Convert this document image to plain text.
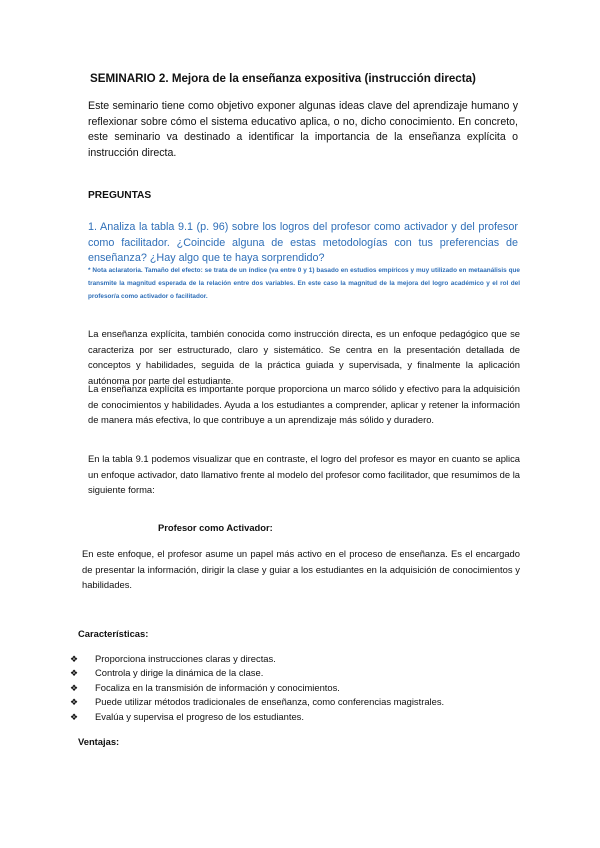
SEMINARIO 2. Mejora de la enseñanza expositiva (instrucción directa)
Este seminario tiene como objetivo exponer algunas ideas clave del aprendizaje humano y reflexionar sobre cómo el sistema educativo aplica, o no, dicho conocimiento. En concreto, este seminario va destinado a identificar la importancia de la enseñanza explícita o instrucción directa.
PREGUNTAS
1. Analiza la tabla 9.1 (p. 96) sobre los logros del profesor como activador y del profesor como facilitador. ¿Coincide alguna de estas metodologías con tus preferencias de enseñanza? ¿Hay algo que te haya sorprendido?
* Nota aclaratoria. Tamaño del efecto: se trata de un índice (va entre 0 y 1) basado en estudios empíricos y muy utilizado en metaanálisis que transmite la magnitud esperada de la relación entre dos variables. En este caso la magnitud de la mejora del logro académico y el rol del profesor/a como activador o facilitador.
La enseñanza explícita, también conocida como instrucción directa, es un enfoque pedagógico que se caracteriza por ser estructurado, claro y sistemático. Se centra en la presentación detallada de conceptos y habilidades, seguida de la práctica guiada y supervisada, y finalmente la aplicación autónoma por parte del estudiante.
La enseñanza explícita es importante porque proporciona un marco sólido y efectivo para la adquisición de conocimientos y habilidades. Ayuda a los estudiantes a comprender, aplicar y retener la información de manera más efectiva, lo que contribuye a un aprendizaje más sólido y duradero.
En la tabla 9.1 podemos visualizar que en contraste, el logro del profesor es mayor en cuanto se aplica un enfoque activador, dato llamativo frente al modelo del profesor como facilitador, que resumimos de la siguiente forma:
Profesor como Activador:
En este enfoque, el profesor asume un papel más activo en el proceso de enseñanza. Es el encargado de presentar la información, dirigir la clase y guiar a los estudiantes en la adquisición de conocimientos y habilidades.
Características:
❖	Proporciona instrucciones claras y directas.
❖	Controla y dirige la dinámica de la clase.
❖	Focaliza en la transmisión de información y conocimientos.
❖	Puede utilizar métodos tradicionales de enseñanza, como conferencias magistrales.
❖	Evalúa y supervisa el progreso de los estudiantes.
Ventajas:
